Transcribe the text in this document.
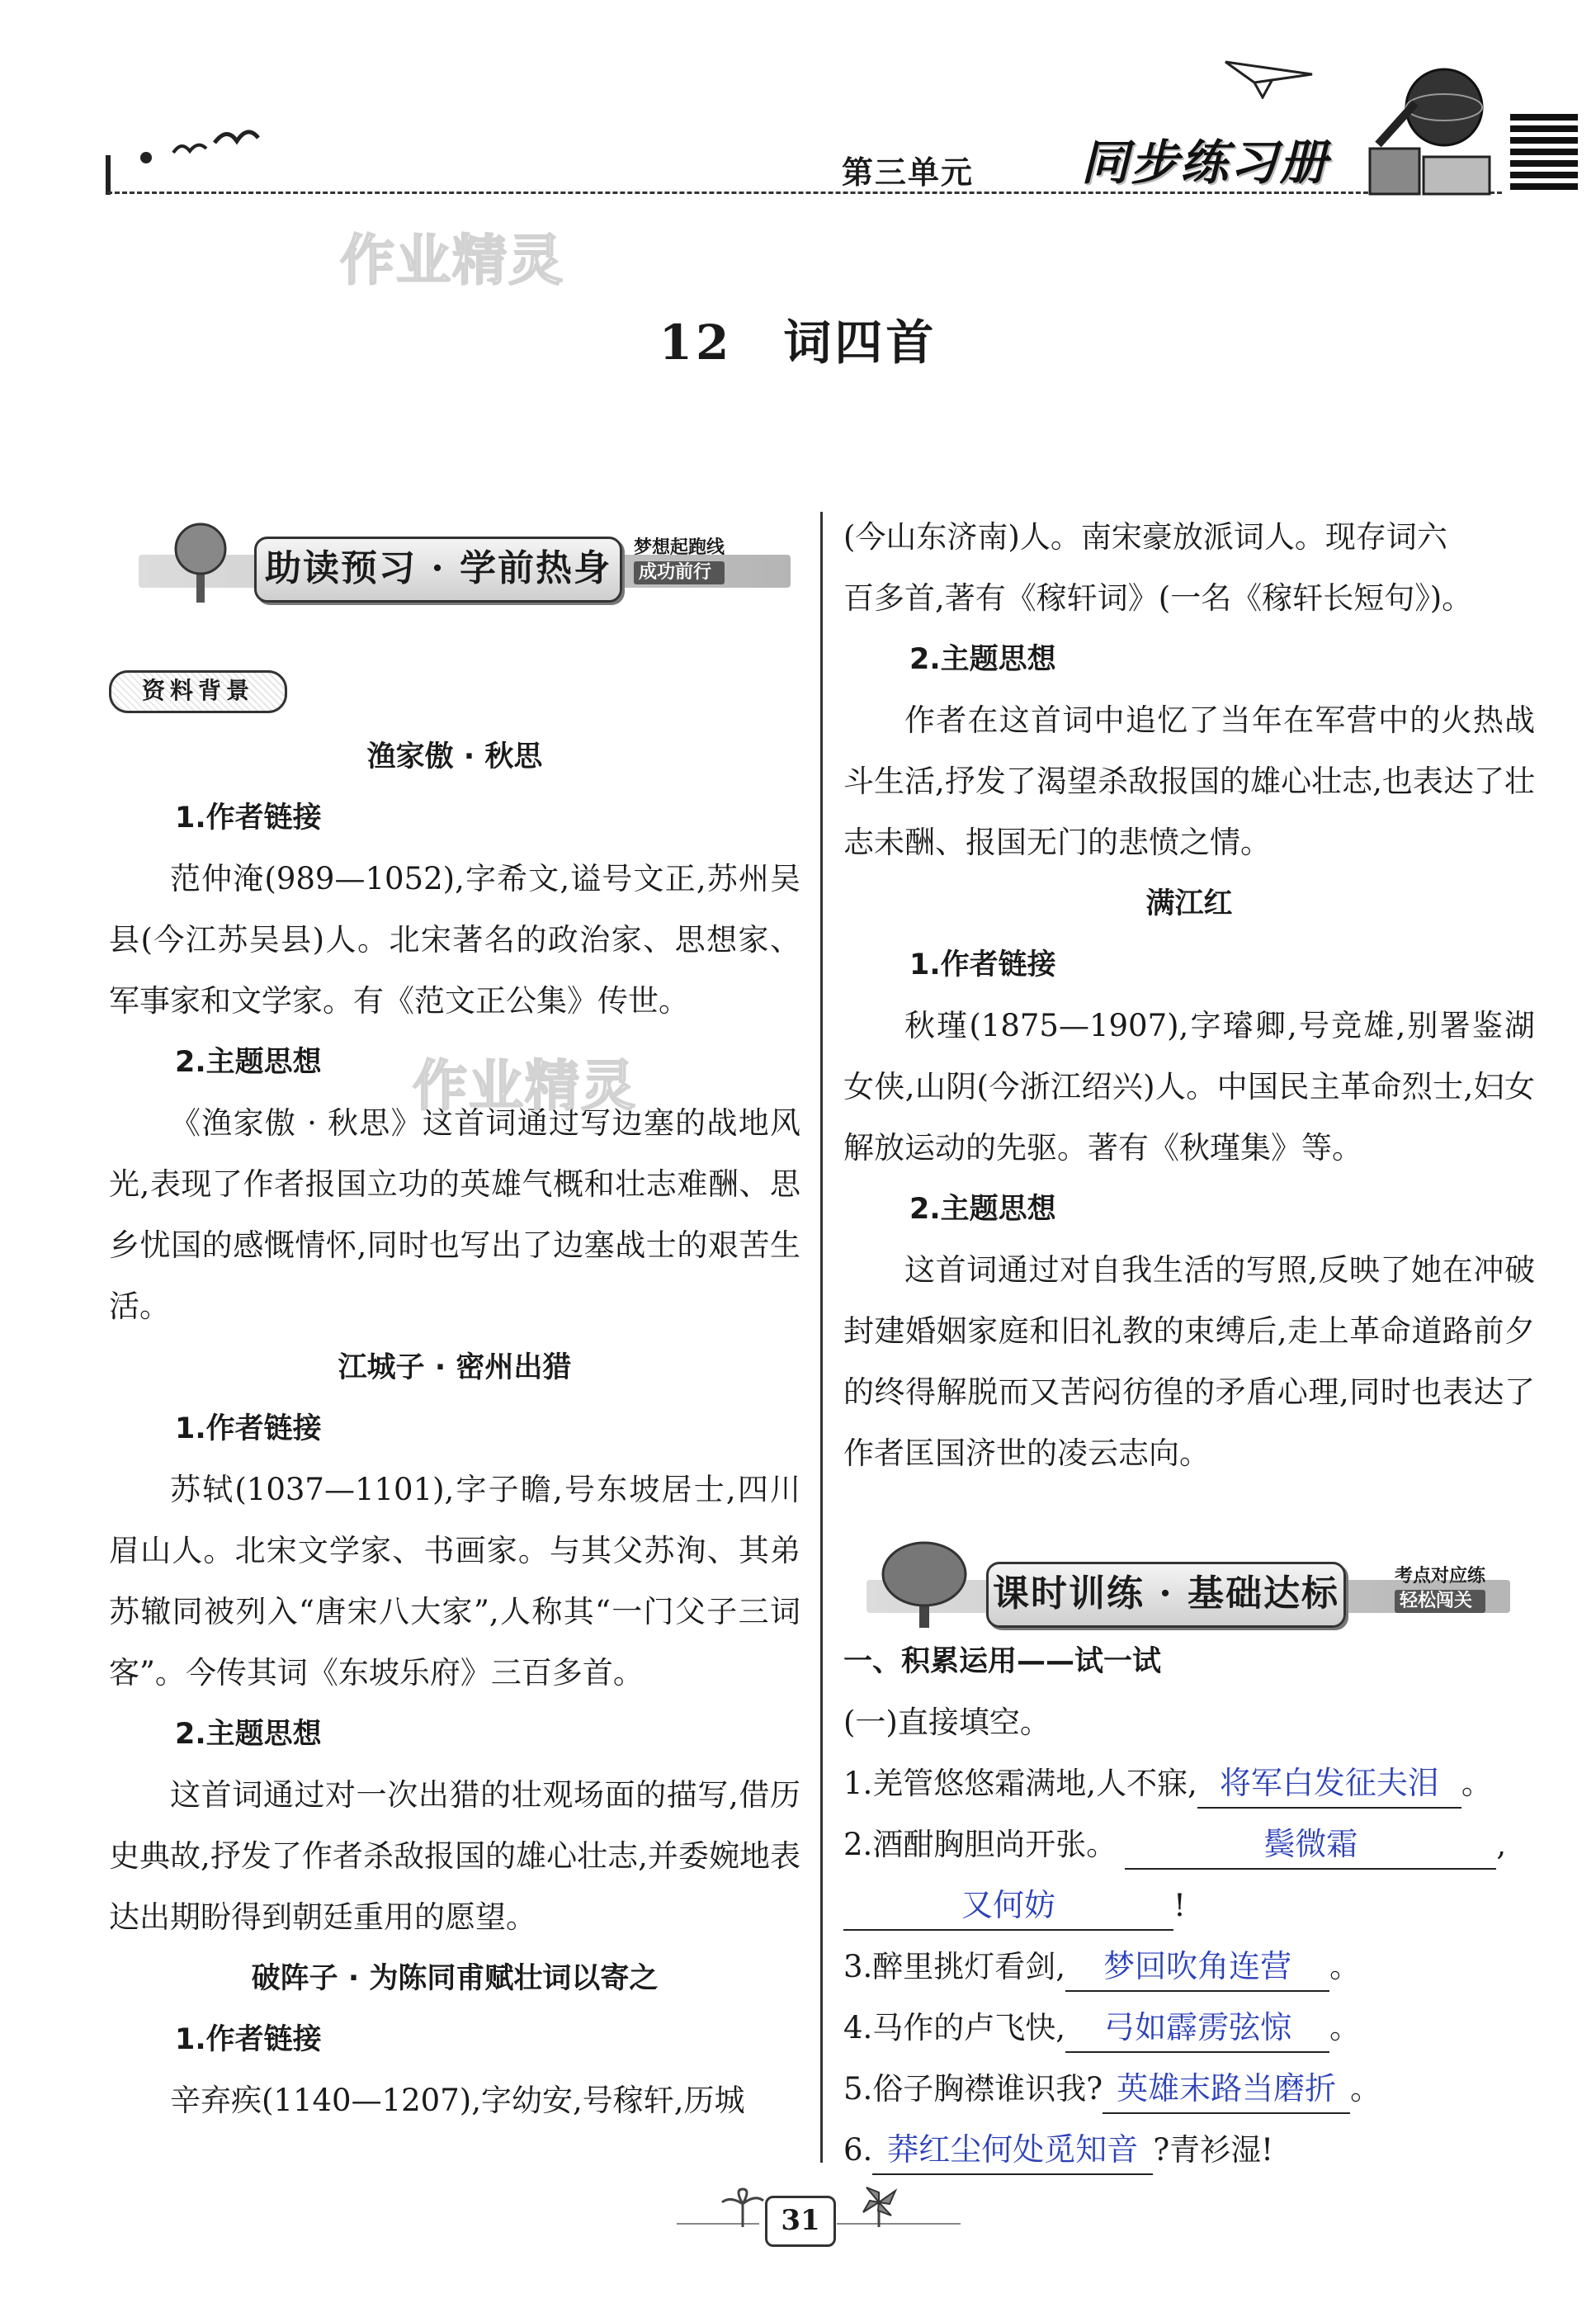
第三单元 同步练习册
作业精灵
12　词四首
助读预习 · 学前热身	梦想起跑线
成功前行
资料背景
渔家傲 · 秋思
1.作者链接
范仲淹(989—1052),字希文,谥号文正,苏州吴县(今江苏吴县)人。北宋著名的政治家、思想家、军事家和文学家。有《范文正公集》传世。
2.主题思想
《渔家傲 · 秋思》这首词通过写边塞的战地风光,表现了作者报国立功的英雄气概和壮志难酬、思乡忧国的感慨情怀,同时也写出了边塞战士的艰苦生活。
江城子 · 密州出猎
1.作者链接
苏轼(1037—1101),字子瞻,号东坡居士,四川眉山人。北宋文学家、书画家。与其父苏洵、其弟苏辙同被列入“唐宋八大家”,人称其“一门父子三词客”。今传其词《东坡乐府》三百多首。
2.主题思想
这首词通过对一次出猎的壮观场面的描写,借历史典故,抒发了作者杀敌报国的雄心壮志,并委婉地表达出期盼得到朝廷重用的愿望。
破阵子 · 为陈同甫赋壮词以寄之
1.作者链接
辛弃疾(1140—1207),字幼安,号稼轩,历城
作业精灵
(今山东济南)人。南宋豪放派词人。现存词六
百多首,著有《稼轩词》(一名《稼轩长短句》)。
2.主题思想
作者在这首词中追忆了当年在军营中的火热战斗生活,抒发了渴望杀敌报国的雄心壮志,也表达了壮志未酬、报国无门的悲愤之情。
满江红
1.作者链接
秋瑾(1875—1907),字璿卿,号竞雄,别署鉴湖女侠,山阴(今浙江绍兴)人。中国民主革命烈士,妇女解放运动的先驱。著有《秋瑾集》等。
2.主题思想
这首词通过对自我生活的写照,反映了她在冲破封建婚姻家庭和旧礼教的束缚后,走上革命道路前夕的终得解脱而又苦闷彷徨的矛盾心理,同时也表达了作者匡国济世的凌云志向。
课时训练 · 基础达标	考点对应练
轻松闯关
一、积累运用——试一试
(一)直接填空。
1.羌管悠悠霜满地,人不寐, 将军白发征夫泪 。
2.酒酣胸胆尚开张。	鬓微霜	,
又何妨	!
3.醉里挑灯看剑, 梦回吹角连营 。
4.马作的卢飞快, 弓如霹雳弦惊 。
5.俗子胸襟谁识我? 英雄末路当磨折 。
6. 莽红尘何处觅知音 ?青衫湿!
31
